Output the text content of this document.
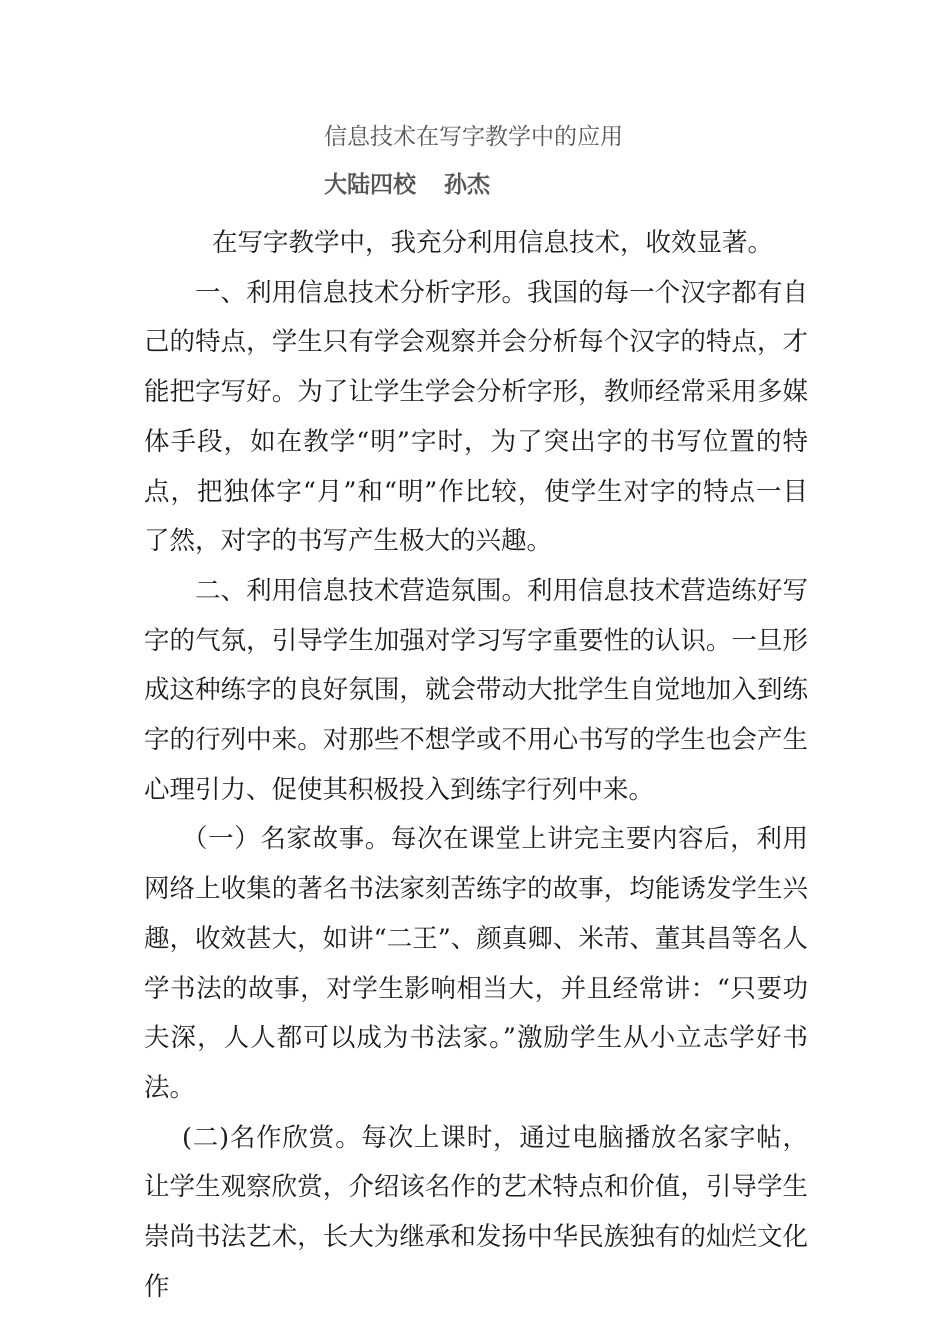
信息技术在写字教学中的应用
大陆四校 孙杰

在写字教学中，我充分利用信息技术，收效显著。

一、利用信息技术分析字形。我国的每一个汉字都有自己的特点，学生只有学会观察并会分析每个汉字的特点，才能把字写好。为了让学生学会分析字形，教师经常采用多媒体手段，如在教学“明”字时，为了突出字的书写位置的特点，把独体字“月”和“明”作比较，使学生对字的特点一目了然，对字的书写产生极大的兴趣。

二、利用信息技术营造氛围。利用信息技术营造练好写字的气氛，引导学生加强对学习写字重要性的认识。一旦形成这种练字的良好氛围，就会带动大批学生自觉地加入到练字的行列中来。对那些不想学或不用心书写的学生也会产生心理引力、促使其积极投入到练字行列中来。

（一）名家故事。每次在课堂上讲完主要内容后，利用网络上收集的著名书法家刻苦练字的故事，均能诱发学生兴趣，收效甚大，如讲“二王”、颜真卿、米芾、董其昌等名人学书法的故事，对学生影响相当大，并且经常讲：“只要功夫深，人人都可以成为书法家。”激励学生从小立志学好书法。

(二)名作欣赏。每次上课时，通过电脑播放名家字帖，让学生观察欣赏，介绍该名作的艺术特点和价值，引导学生崇尚书法艺术，长大为继承和发扬中华民族独有的灿烂文化作
